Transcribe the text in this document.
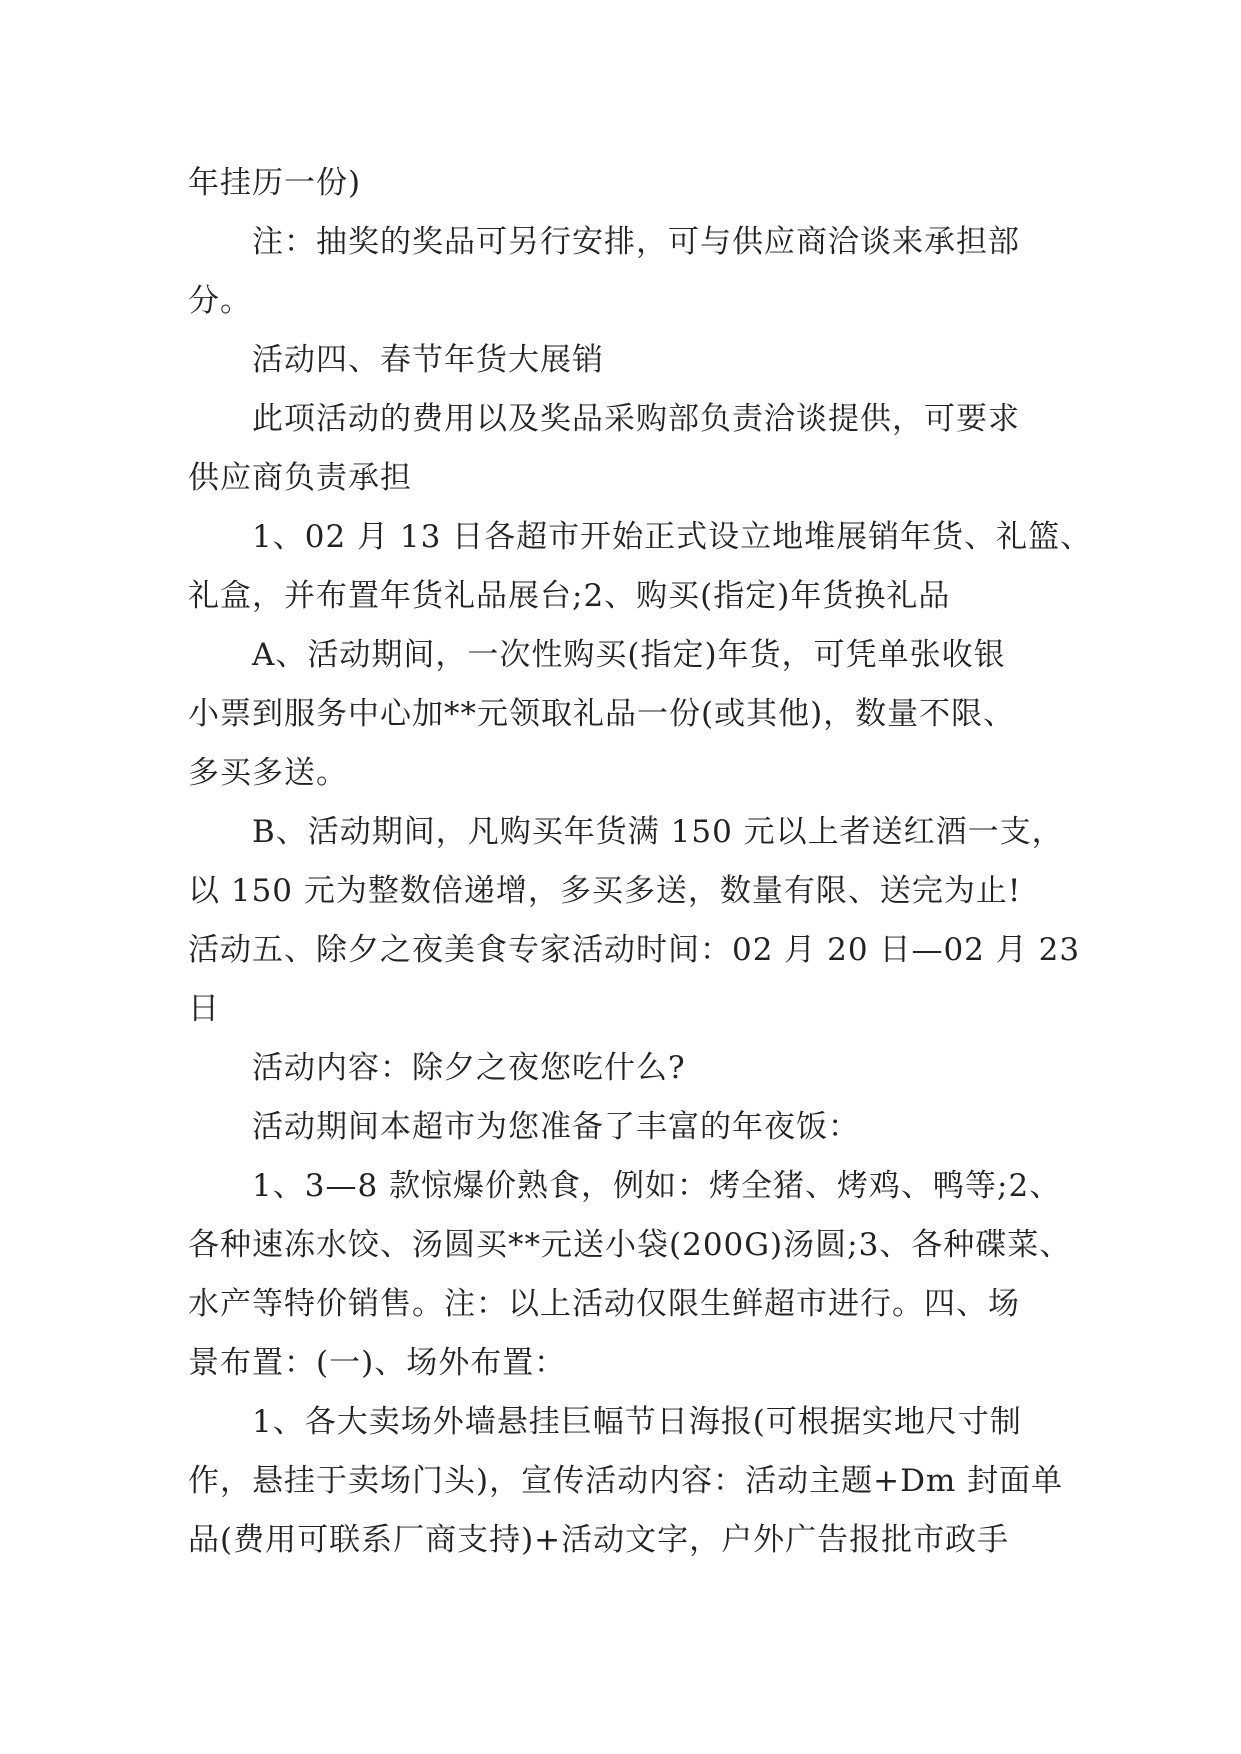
年挂历一份)
注：抽奖的奖品可另行安排，可与供应商洽谈来承担部
分。
活动四、春节年货大展销
此项活动的费用以及奖品采购部负责洽谈提供，可要求
供应商负责承担
1、02 月 13 日各超市开始正式设立地堆展销年货、礼篮、
礼盒，并布置年货礼品展台;2、购买(指定)年货换礼品
A、活动期间，一次性购买(指定)年货，可凭单张收银
小票到服务中心加**元领取礼品一份(或其他)，数量不限、
多买多送。
B、活动期间，凡购买年货满 150 元以上者送红酒一支，
以 150 元为整数倍递增，多买多送，数量有限、送完为止!
活动五、除夕之夜美食专家活动时间：02 月 20 日—02 月 23
日
活动内容：除夕之夜您吃什么?
活动期间本超市为您准备了丰富的年夜饭：
1、3—8 款惊爆价熟食，例如：烤全猪、烤鸡、鸭等;2、
各种速冻水饺、汤圆买**元送小袋(200G)汤圆;3、各种碟菜、
水产等特价销售。注：以上活动仅限生鲜超市进行。四、场
景布置：(一)、场外布置：
1、各大卖场外墙悬挂巨幅节日海报(可根据实地尺寸制
作，悬挂于卖场门头)，宣传活动内容：活动主题+Dm 封面单
品(费用可联系厂商支持)+活动文字，户外广告报批市政手
